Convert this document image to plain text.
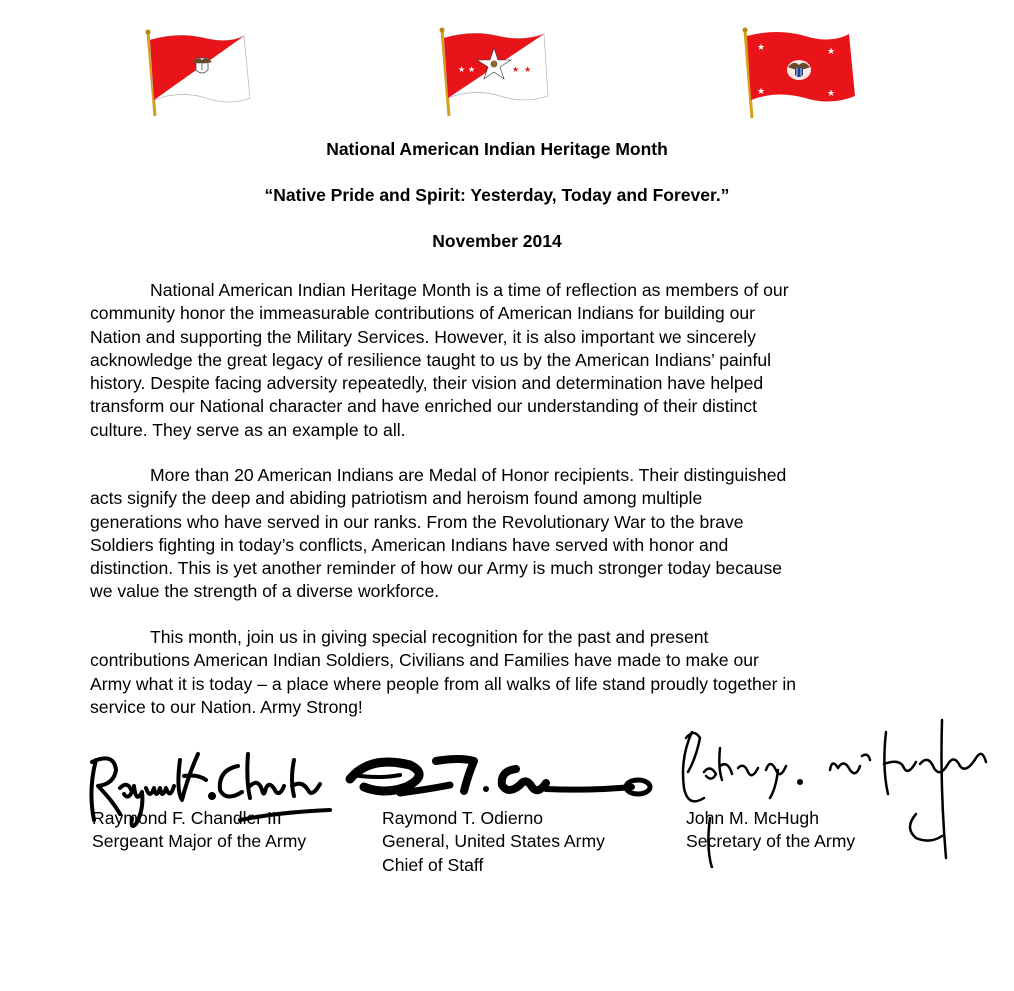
★ ★	★ ★
★	★
★	★
National American Indian Heritage Month
“Native Pride and Spirit: Yesterday, Today and Forever.”
November 2014

National American Indian Heritage Month is a time of reflection as members of our
community honor the immeasurable contributions of American Indians for building our
Nation and supporting the Military Services. However, it is also important we sincerely
acknowledge the great legacy of resilience taught to us by the American Indians’ painful
history. Despite facing adversity repeatedly, their vision and determination have helped
transform our National character and have enriched our understanding of their distinct
culture. They serve as an example to all.

More than 20 American Indians are Medal of Honor recipients. Their distinguished
acts signify the deep and abiding patriotism and heroism found among multiple
generations who have served in our ranks. From the Revolutionary War to the brave
Soldiers fighting in today’s conflicts, American Indians have served with honor and
distinction. This is yet another reminder of how our Army is much stronger today because
we value the strength of a diverse workforce.

This month, join us in giving special recognition for the past and present
contributions American Indian Soldiers, Civilians and Families have made to make our
Army what it is today – a place where people from all walks of life stand proudly together in
service to our Nation. Army Strong!

Raymond F. Chandler III
Sergeant Major of the Army
Raymond T. Odierno
General, United States Army
Chief of Staff
John M. McHugh
Secretary of the Army
